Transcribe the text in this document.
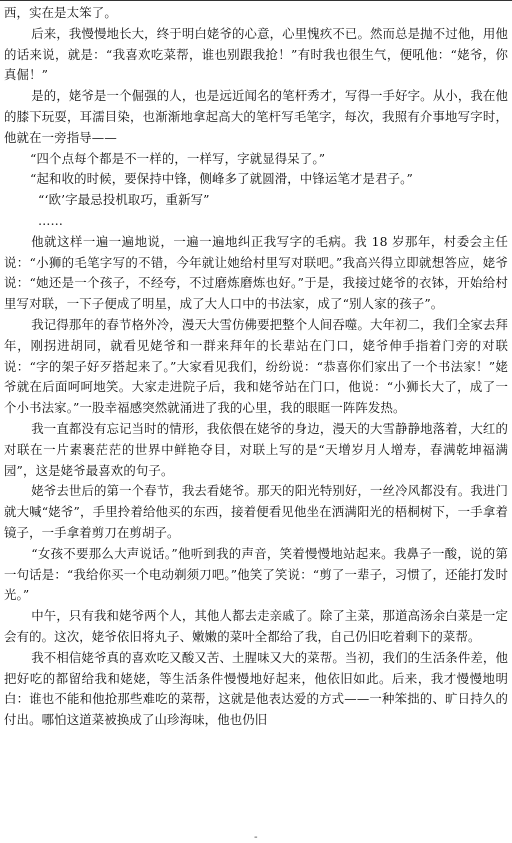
西，实在是太笨了。

后来，我慢慢地长大，终于明白姥爷的心意，心里愧疚不已。然而总是抛不过他，用他的话来说，就是：“我喜欢吃菜帮，谁也别跟我抢！”有时我也很生气，便吼他：“姥爷，你真倔！”

是的，姥爷是一个倔强的人，也是远近闻名的笔杆秀才，写得一手好字。从小，我在他的膝下玩耍，耳濡目染，也渐渐地拿起高大的笔杆写毛笔字，每次，我照有介事地写字时，他就在一旁指导——

“四个点每个都是不一样的，一样写，字就显得呆了。”

“起和收的时候，要保持中锋，侧峰多了就圆滑，中锋运笔才是君子。”

“‘欧’字最忌投机取巧，重新写”

……

他就这样一遍一遍地说，一遍一遍地纠正我写字的毛病。我 18 岁那年，村委会主任说：“小狮的毛笔字写的不错，今年就让她给村里写对联吧。”我高兴得立即就想答应，姥爷说：“她还是一个孩子，不经夸，不过磨炼磨炼也好。”于是，我接过姥爷的衣钵，开始给村里写对联，一下子便成了明星，成了大人口中的书法家，成了“别人家的孩子”。

我记得那年的春节格外冷，漫天大雪仿佛要把整个人间吞噬。大年初二，我们全家去拜年，刚拐进胡同，就看见姥爷和一群来拜年的长辈站在门口，姥爷伸手指着门旁的对联说：“字的架子好歹搭起来了。”大家看见我们，纷纷说：“恭喜你们家出了一个书法家！”姥爷就在后面呵呵地笑。大家走进院子后，我和姥爷站在门口，他说：“小狮长大了，成了一个小书法家。”一股幸福感突然就涌进了我的心里，我的眼眶一阵阵发热。

我一直都没有忘记当时的情形，我依偎在姥爷的身边，漫天的大雪静静地落着，大红的对联在一片素裹茫茫的世界中鲜艳夺目，对联上写的是“天增岁月人增寿，春满乾坤福满园”，这是姥爷最喜欢的句子。

姥爷去世后的第一个春节，我去看姥爷。那天的阳光特别好，一丝冷风都没有。我进门就大喊“姥爷”，手里拎着给他买的东西，接着便看见他坐在洒满阳光的梧桐树下，一手拿着镜子，一手拿着剪刀在剪胡子。

“女孩不要那么大声说话。”他听到我的声音，笑着慢慢地站起来。我鼻子一酸，说的第一句话是：“我给你买一个电动剃须刀吧。”他笑了笑说：“剪了一辈子，习惯了，还能打发时光。”

中午，只有我和姥爷两个人，其他人都去走亲戚了。除了主菜，那道高汤余白菜是一定会有的。这次，姥爷依旧将丸子、嫩嫩的菜叶全都给了我，自己仍旧吃着剩下的菜帮。

我不相信姥爷真的喜欢吃又酸又苦、土腥味又大的菜帮。当初，我们的生活条件差，他把好吃的都留给我和姥姥，等生活条件慢慢地好起来，他依旧如此。后来，我才慢慢地明白：谁也不能和他抢那些难吃的菜帮，这就是他表达爱的方式——一种笨拙的、旷日持久的付出。哪怕这道菜被换成了山珍海味，他也仍旧

-
